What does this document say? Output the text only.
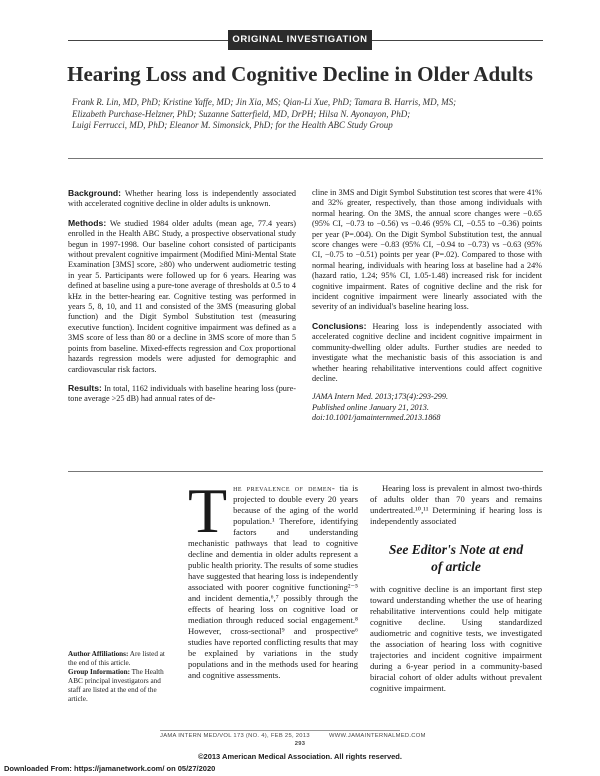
ORIGINAL INVESTIGATION
Hearing Loss and Cognitive Decline in Older Adults
Frank R. Lin, MD, PhD; Kristine Yaffe, MD; Jin Xia, MS; Qian-Li Xue, PhD; Tamara B. Harris, MD, MS;
Elizabeth Purchase-Helzner, PhD; Suzanne Satterfield, MD, DrPH; Hilsa N. Ayonayon, PhD;
Luigi Ferrucci, MD, PhD; Eleanor M. Simonsick, PhD; for the Health ABC Study Group

Background: Whether hearing loss is independently associated with accelerated cognitive decline in older adults is unknown.

Methods: We studied 1984 older adults (mean age, 77.4 years) enrolled in the Health ABC Study, a prospective observational study begun in 1997-1998. Our baseline cohort consisted of participants without prevalent cognitive impairment (Modified Mini-Mental State Examination [3MS] score, ≥80) who underwent audiometric testing in year 5. Participants were followed up for 6 years. Hearing was defined at baseline using a pure-tone average of thresholds at 0.5 to 4 kHz in the better-hearing ear. Cognitive testing was performed in years 5, 8, 10, and 11 and consisted of the 3MS (measuring global function) and the Digit Symbol Substitution test (measuring executive function). Incident cognitive impairment was defined as a 3MS score of less than 80 or a decline in 3MS score of more than 5 points from baseline. Mixed-effects regression and Cox proportional hazards regression models were adjusted for demographic and cardiovascular risk factors.

Results: In total, 1162 individuals with baseline hearing loss (pure-tone average >25 dB) had annual rates of de-

cline in 3MS and Digit Symbol Substitution test scores that were 41% and 32% greater, respectively, than those among individuals with normal hearing. On the 3MS, the annual score changes were −0.65 (95% CI, −0.73 to −0.56) vs −0.46 (95% CI, −0.55 to −0.36) points per year (P=.004). On the Digit Symbol Substitution test, the annual score changes were −0.83 (95% CI, −0.94 to −0.73) vs −0.63 (95% CI, −0.75 to −0.51) points per year (P=.02). Compared to those with normal hearing, individuals with hearing loss at baseline had a 24% (hazard ratio, 1.24; 95% CI, 1.05-1.48) increased risk for incident cognitive impairment. Rates of cognitive decline and the risk for incident cognitive impairment were linearly associated with the severity of an individual's baseline hearing loss.

Conclusions: Hearing loss is independently associated with accelerated cognitive decline and incident cognitive impairment in community-dwelling older adults. Further studies are needed to investigate what the mechanistic basis of this association is and whether hearing rehabilitative interventions could affect cognitive decline.

JAMA Intern Med. 2013;173(4):293-299.
Published online January 21, 2013.
doi:10.1001/jamainternmed.2013.1868

Author Affiliations: Are listed at the end of this article.
Group Information: The Health ABC principal investigators and staff are listed at the end of the article.

The prevalence of demen- tia is projected to double every 20 years because of the aging of the world population.¹ Therefore, identifying factors and understanding mechanistic pathways that lead to cognitive decline and dementia in older adults represent a public health priority. The results of some studies have suggested that hearing loss is independently associated with poorer cognitive functioning²⁻⁵ and incident dementia,⁶,⁷ possibly through the effects of hearing loss on cognitive load or mediation through reduced social engagement.⁸ However, cross-sectional⁹ and prospective⁶ studies have reported conflicting results that may be explained by variations in the study populations and in the methods used for hearing and cognitive assessments.

Hearing loss is prevalent in almost two-thirds of adults older than 70 years and remains undertreated.¹⁰,¹¹ Determining if hearing loss is independently associated

See Editor's Note at end of article

with cognitive decline is an important first step toward understanding whether the use of hearing rehabilitative interventions could help mitigate cognitive decline. Using standardized audiometric and cognitive tests, we investigated the association of hearing loss with cognitive trajectories and incident cognitive impairment during a 6-year period in a community-based biracial cohort of older adults without prevalent cognitive impairment.

JAMA INTERN MED/VOL 173 (NO. 4), FEB 25, 2013          WWW.JAMAINTERNALMED.COM
293
©2013 American Medical Association. All rights reserved.
Downloaded From: https://jamanetwork.com/ on 05/27/2020
